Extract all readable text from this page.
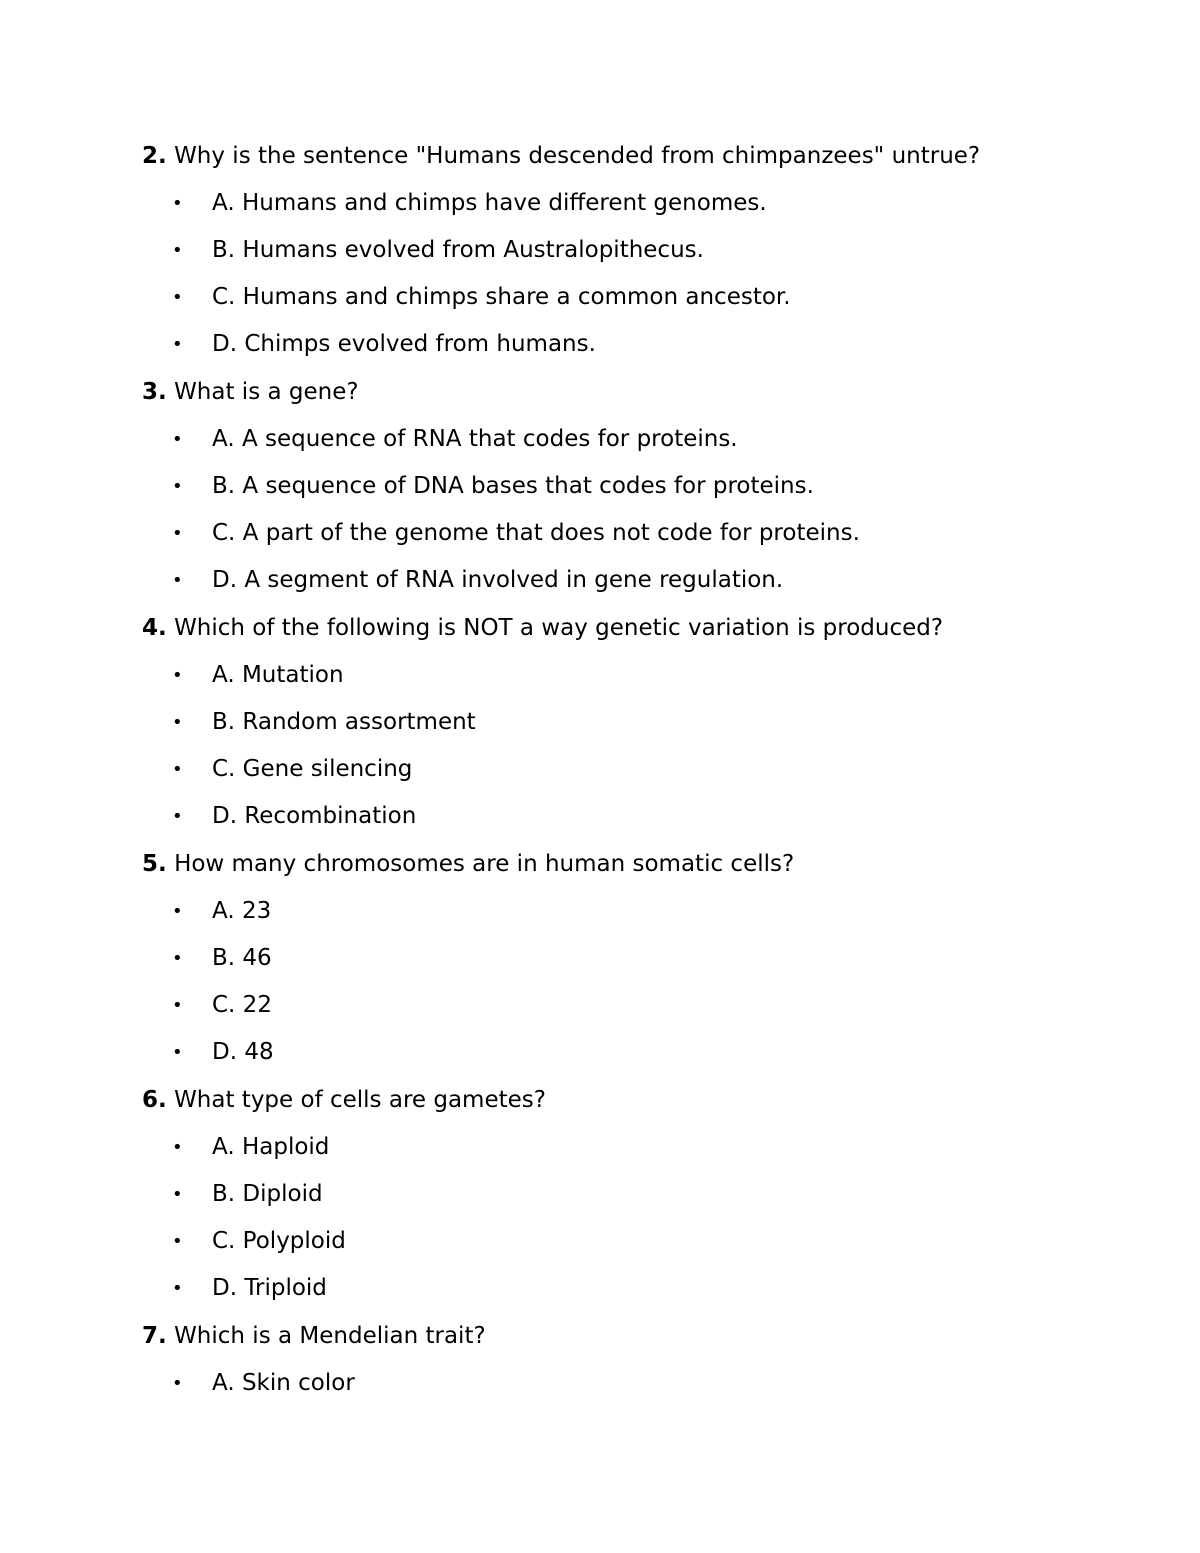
2. Why is the sentence "Humans descended from chimpanzees" untrue?
• A. Humans and chimps have different genomes.
• B. Humans evolved from Australopithecus.
• C. Humans and chimps share a common ancestor.
• D. Chimps evolved from humans.
3. What is a gene?
• A. A sequence of RNA that codes for proteins.
• B. A sequence of DNA bases that codes for proteins.
• C. A part of the genome that does not code for proteins.
• D. A segment of RNA involved in gene regulation.
4. Which of the following is NOT a way genetic variation is produced?
• A. Mutation
• B. Random assortment
• C. Gene silencing
• D. Recombination
5. How many chromosomes are in human somatic cells?
• A. 23
• B. 46
• C. 22
• D. 48
6. What type of cells are gametes?
• A. Haploid
• B. Diploid
• C. Polyploid
• D. Triploid
7. Which is a Mendelian trait?
• A. Skin color
